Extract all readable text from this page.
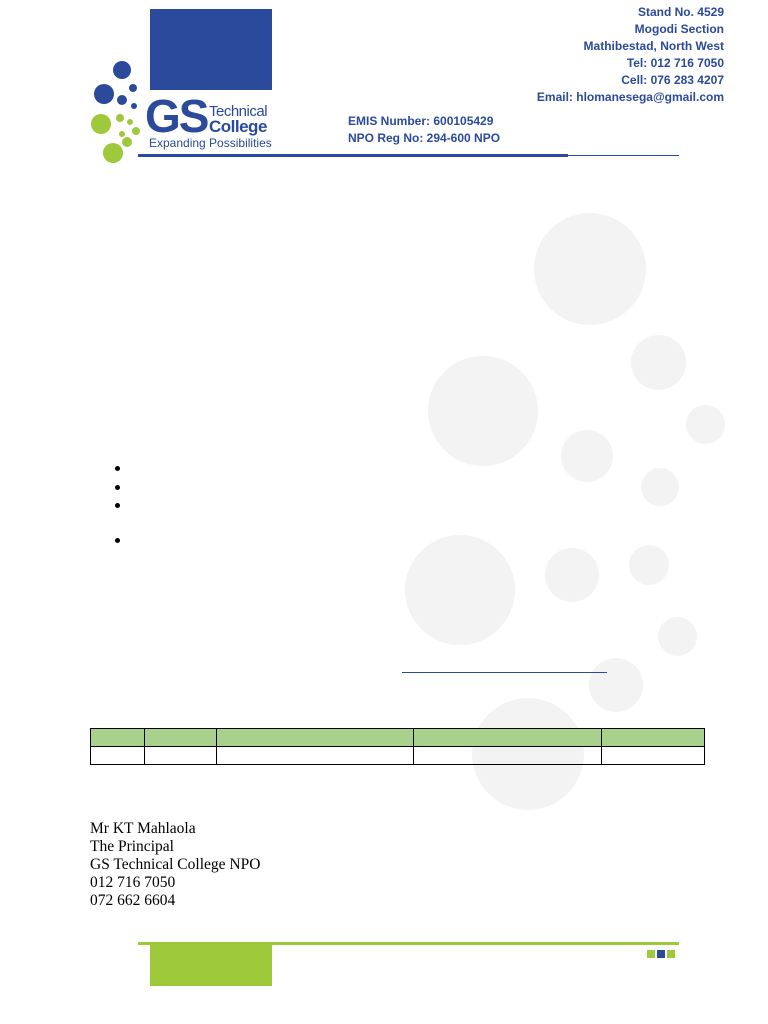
GS Technical
College
Expanding Possibilities
EMIS Number: 600105429
NPO Reg No: 294-600 NPO
Stand No. 4529
Mogodi Section
Mathibestad, North West
Tel: 012 716 7050
Cell: 076 283 4207
Email: hlomanesega@gmail.com

Mr KT Mahlaola
The Principal
GS Technical College NPO
012 716 7050
072 662 6604
